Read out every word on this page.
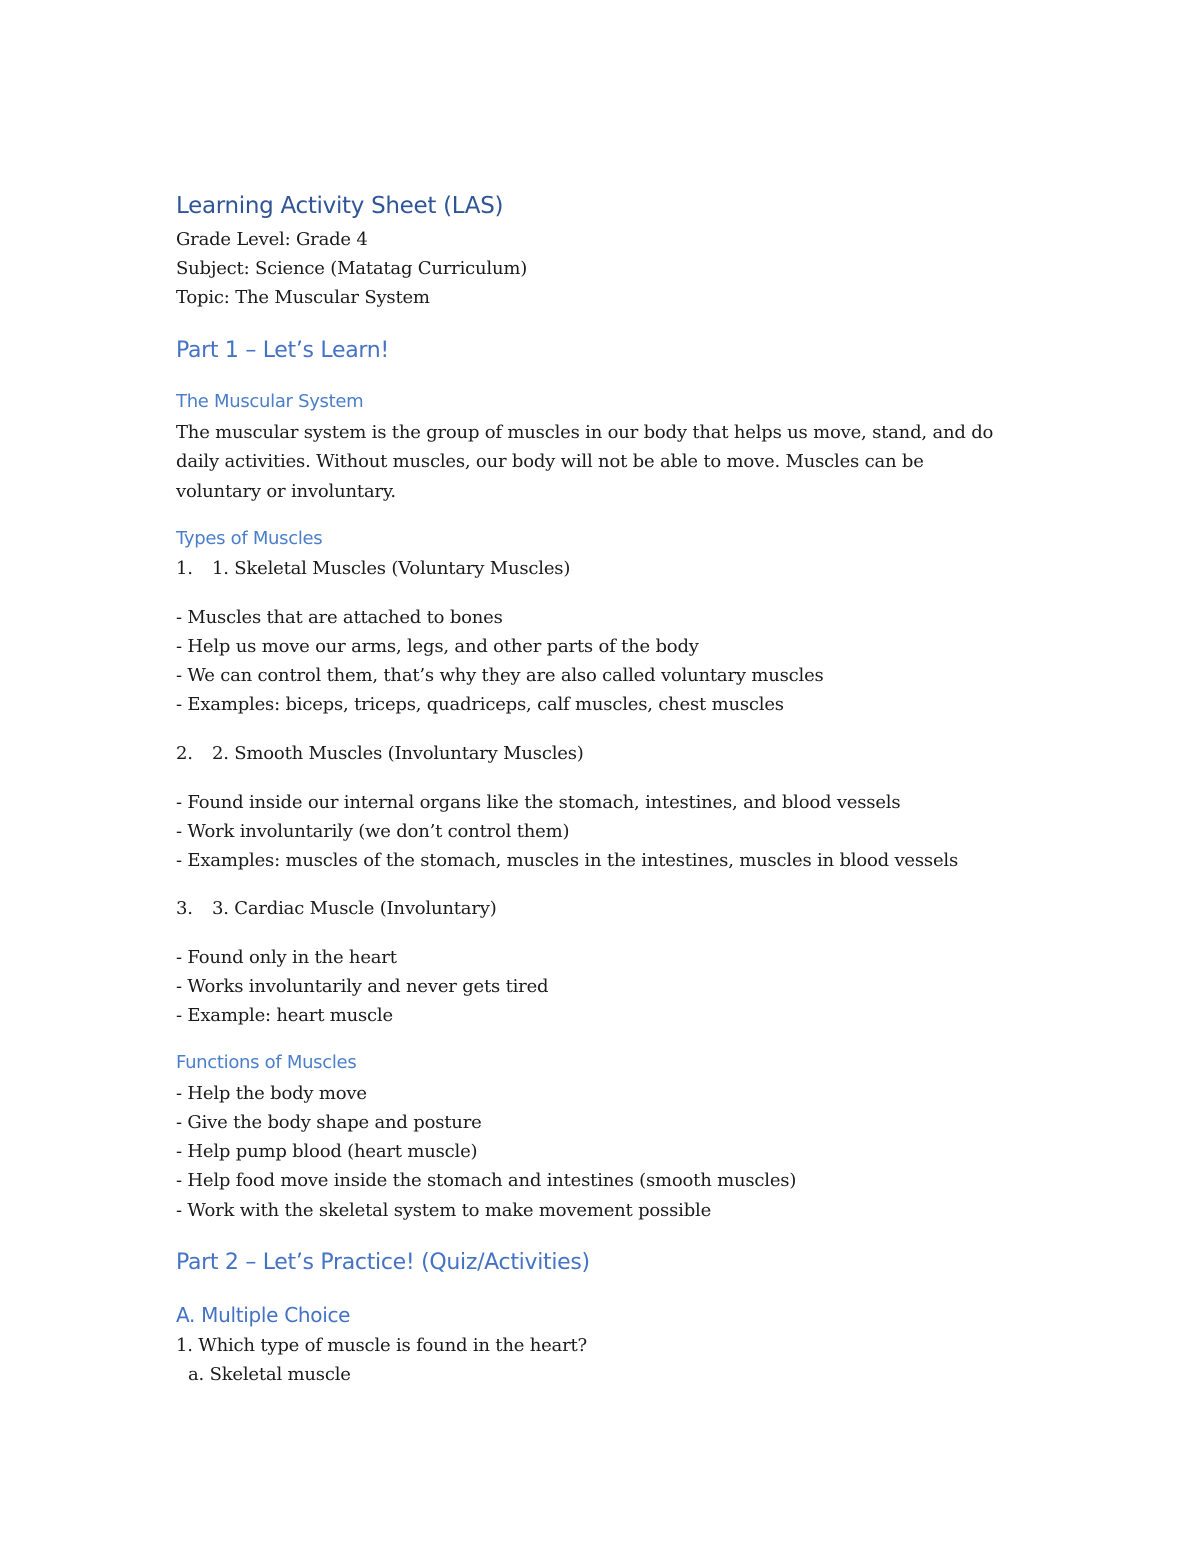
Learning Activity Sheet (LAS)
Grade Level: Grade 4
Subject: Science (Matatag Curriculum)
Topic: The Muscular System
Part 1 – Let’s Learn!
The Muscular System
The muscular system is the group of muscles in our body that helps us move, stand, and do
daily activities. Without muscles, our body will not be able to move. Muscles can be
voluntary or involuntary.
Types of Muscles
1. 1. Skeletal Muscles (Voluntary Muscles)
- Muscles that are attached to bones
- Help us move our arms, legs, and other parts of the body
- We can control them, that’s why they are also called voluntary muscles
- Examples: biceps, triceps, quadriceps, calf muscles, chest muscles
2. 2. Smooth Muscles (Involuntary Muscles)
- Found inside our internal organs like the stomach, intestines, and blood vessels
- Work involuntarily (we don’t control them)
- Examples: muscles of the stomach, muscles in the intestines, muscles in blood vessels
3. 3. Cardiac Muscle (Involuntary)
- Found only in the heart
- Works involuntarily and never gets tired
- Example: heart muscle
Functions of Muscles
- Help the body move
- Give the body shape and posture
- Help pump blood (heart muscle)
- Help food move inside the stomach and intestines (smooth muscles)
- Work with the skeletal system to make movement possible
Part 2 – Let’s Practice! (Quiz/Activities)
A. Multiple Choice
1. Which type of muscle is found in the heart?
a. Skeletal muscle
